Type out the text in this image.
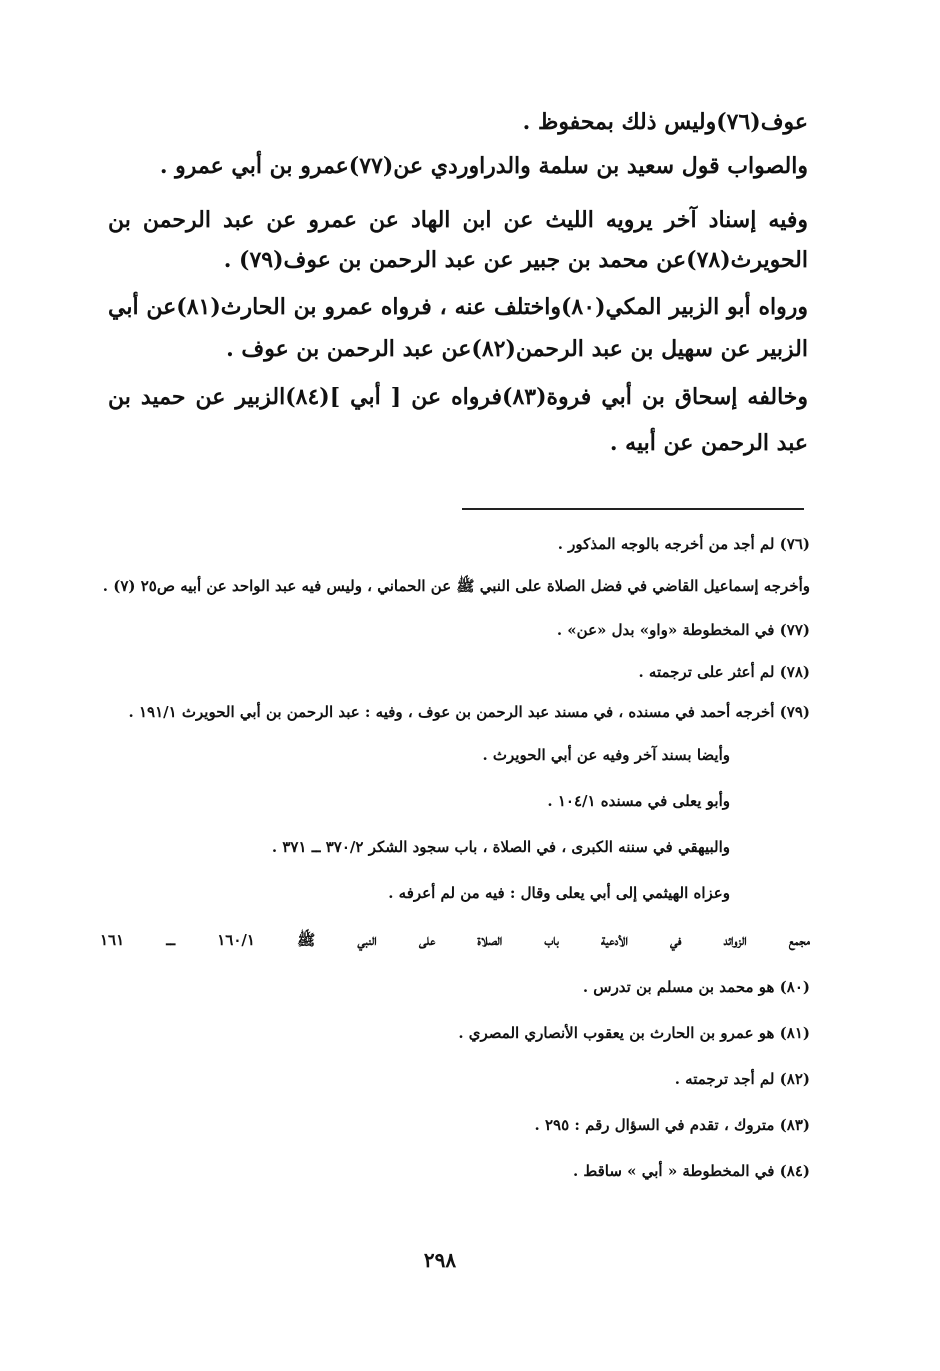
عوف(٧٦)وليس ذلك بمحفوظ .

والصواب قول سعيد بن سلمة والدراوردي عن(٧٧)عمرو بن أبي عمرو .

وفيه إسناد آخر يرويه الليث عن ابن الهاد عن عمرو عن عبد الرحمن بن الحويرث(٧٨)عن محمد بن جبير عن عبد الرحمن بن عوف(٧٩) .

ورواه أبو الزبير المكي(٨٠)واختلف عنه ، فرواه عمرو بن الحارث(٨١)عن أبي الزبير عن سهيل بن عبد الرحمن(٨٢)عن عبد الرحمن بن عوف .

وخالفه إسحاق بن أبي فروة(٨٣)فرواه عن [ أبي ](٨٤)الزبير عن حميد بن عبد الرحمن عن أبيه .

(٧٦) لم أجد من أخرجه بالوجه المذكور .
وأخرجه إسماعيل القاضي في فضل الصلاة على النبي ﷺ عن الحماني ، وليس فيه عبد الواحد عن أبيه ص٢٥ (٧) .
(٧٧) في المخطوطة «واو» بدل «عن» .
(٧٨) لم أعثر على ترجمته .
(٧٩) أخرجه أحمد في مسنده ، في مسند عبد الرحمن بن عوف ، وفيه : عبد الرحمن بن أبي الحويرث ١٩١/١ .
وأيضا بسند آخر وفيه عن أبي الحويرث .
وأبو يعلى في مسنده ١٠٤/١ .
والبيهقي في سننه الكبرى ، في الصلاة ، باب سجود الشكر ٣٧٠/٢ ــ ٣٧١ .
وعزاه الهيثمي إلى أبي يعلى وقال : فيه من لم أعرفه .
مجمع الزوائد في الأدعية باب الصلاة على النبي ﷺ ١٦٠/١ ــ ١٦١
(٨٠) هو محمد بن مسلم بن تدرس .
(٨١) هو عمرو بن الحارث بن يعقوب الأنصاري المصري .
(٨٢) لم أجد ترجمته .
(٨٣) متروك ، تقدم في السؤال رقم : ٢٩٥ .
(٨٤) في المخطوطة « أبي » ساقط .
٢٩٨
